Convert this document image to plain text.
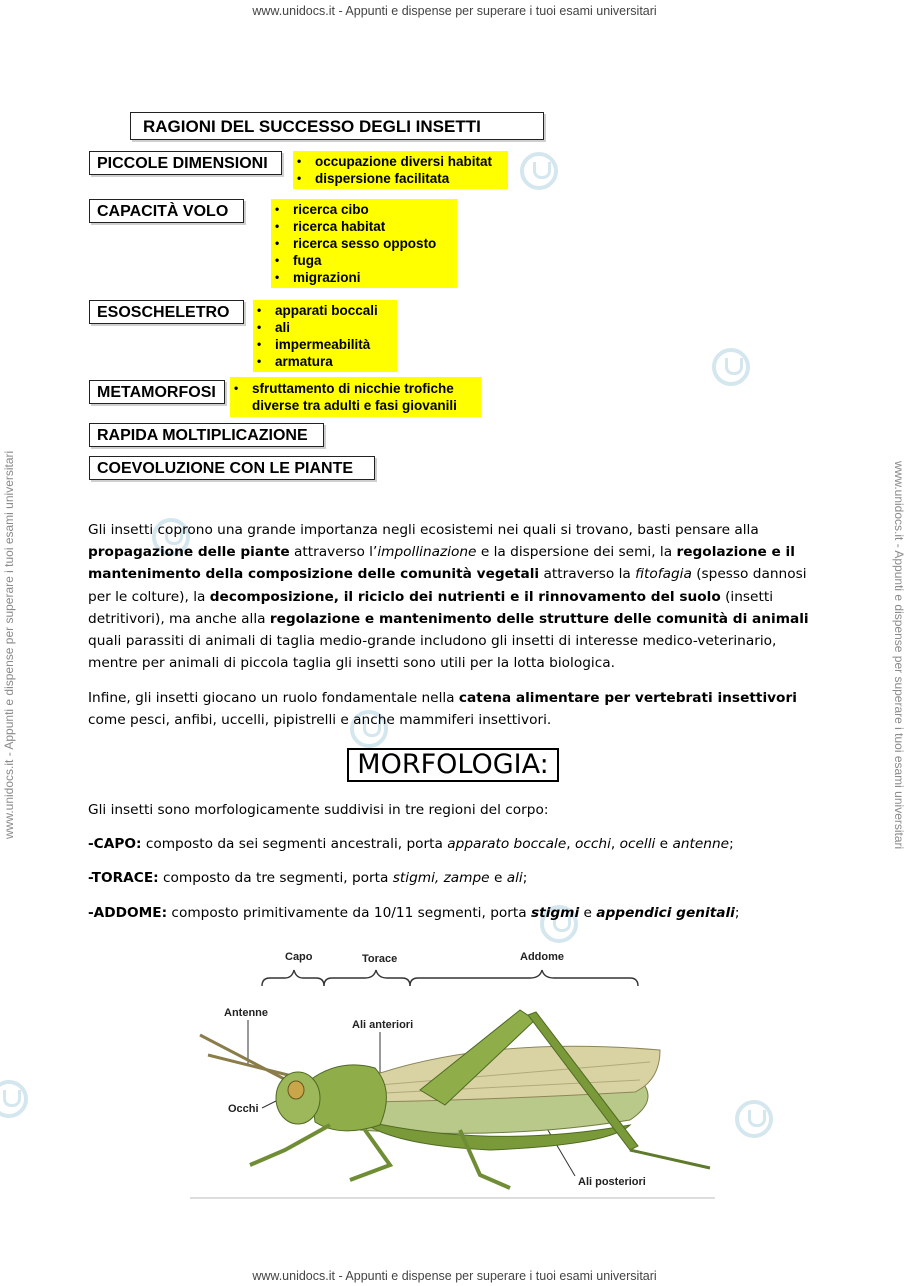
www.unidocs.it - Appunti e dispense per superare i tuoi esami universitari
www.unidocs.it - Appunti e dispense per superare i tuoi esami universitari
www.unidocs.it - Appunti e dispense per superare i tuoi esami universitari	www.unidocs.it - Appunti e dispense per superare i tuoi esami universitari
RAGIONI DEL SUCCESSO DEGLI INSETTI
PICCOLE DIMENSIONI	• occupazione diversi habitat
• dispersione facilitata
CAPACITÀ VOLO	• ricerca cibo
• ricerca habitat
• ricerca sesso opposto
• fuga
• migrazioni
ESOSCHELETRO	• apparati boccali
• ali
• impermeabilità
• armatura
METAMORFOSI	• sfruttamento di nicchie trofiche diverse tra adulti e fasi giovanili
RAPIDA MOLTIPLICAZIONE
COEVOLUZIONE CON LE PIANTE

Gli insetti coprono una grande importanza negli ecosistemi nei quali si trovano, basti pensare alla propagazione delle piante attraverso l’impollinazione e la dispersione dei semi, la regolazione e il mantenimento della composizione delle comunità vegetali attraverso la fitofagia (spesso dannosi per le colture), la decomposizione, il riciclo dei nutrienti e il rinnovamento del suolo (insetti detritivori), ma anche alla regolazione e mantenimento delle strutture delle comunità di animali quali parassiti di animali di taglia medio-grande includono gli insetti di interesse medico-veterinario, mentre per animali di piccola taglia gli insetti sono utili per la lotta biologica.

Infine, gli insetti giocano un ruolo fondamentale nella catena alimentare per vertebrati insettivori come pesci, anfibi, uccelli, pipistrelli e anche mammiferi insettivori.

MORFOLOGIA:
Gli insetti sono morfologicamente suddivisi in tre regioni del corpo:
-CAPO: composto da sei segmenti ancestrali, porta apparato boccale, occhi, ocelli e antenne;
-TORACE: composto da tre segmenti, porta stigmi, zampe e ali;
-ADDOME: composto primitivamente da 10/11 segmenti, porta stigmi e appendici genitali;
Capo	Torace	Addome
Antenne
Ali anteriori
Occhi
Ali posteriori
